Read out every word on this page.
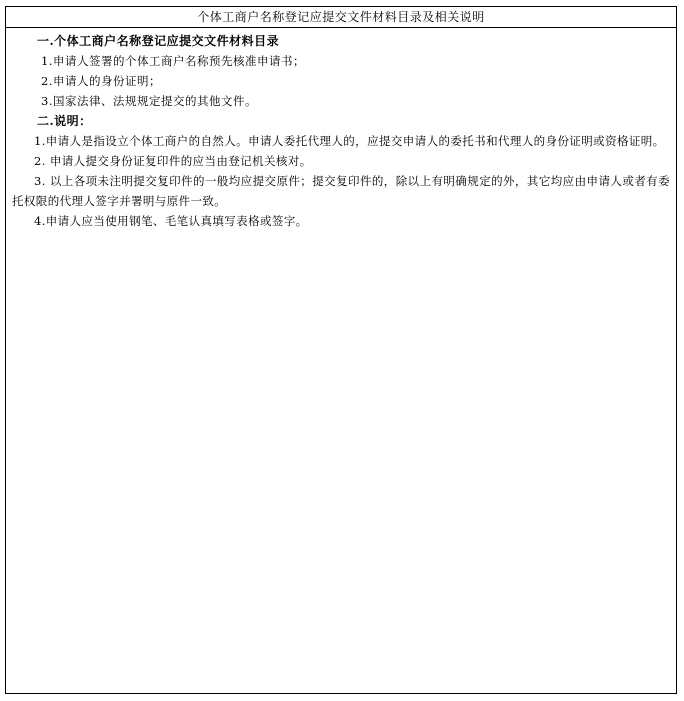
个体工商户名称登记应提交文件材料目录及相关说明
一.个体工商户名称登记应提交文件材料目录
1.申请人签署的个体工商户名称预先核准申请书；
2.申请人的身份证明；
3.国家法律、法规规定提交的其他文件。
二.说明：
1.申请人是指设立个体工商户的自然人。申请人委托代理人的，应提交申请人的委托书和代理人的身份证明或资格证明。
2. 申请人提交身份证复印件的应当由登记机关核对。
3. 以上各项未注明提交复印件的一般均应提交原件；提交复印件的，除以上有明确规定的外，其它均应由申请人或者有委托权限的代理人签字并署明与原件一致。
4.申请人应当使用钢笔、毛笔认真填写表格或签字。
